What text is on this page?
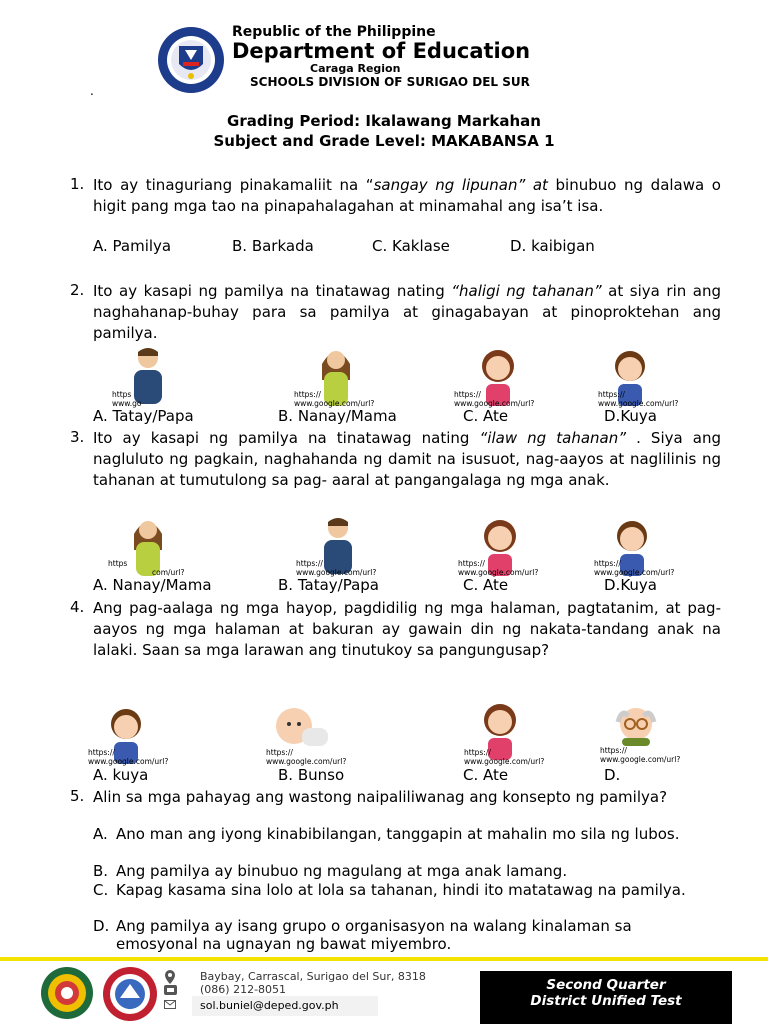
Republic of the Philippine
Department of Education
Caraga Region
SCHOOLS DIVISION OF SURIGAO DEL SUR
.
Grading Period: Ikalawang Markahan
Subject and Grade Level: MAKABANSA 1
1. Ito ay tinaguriang pinakamaliit na “sangay ng lipunan” at binubuo ng dalawa o higit pang mga tao na pinapahalagahan at minamahal ang isa’t isa.
A. Pamilya	B. Barkada	C. Kaklase	D. kaibigan
2. Ito ay kasapi ng pamilya na tinatawag nating “haligi ng tahanan” at siya rin ang naghahanap-buhay para sa pamilya at ginagabayan at pinoproktehan ang pamilya.
https
www.go
https://
www.google.com/url?
https://
www.google.com/url?
https://
www.google.com/url?
A. Tatay/Papa	B. Nanay/Mama	C. Ate	D.Kuya
3. Ito ay kasapi ng pamilya na tinatawag nating “ilaw ng tahanan” . Siya ang nagluluto ng pagkain, naghahanda ng damit na isusuot, nag-aayos at naglilinis ng tahanan at tumutulong sa pag- aaral at pangangalaga ng mga anak.
https
com/url?
https://
www.google.com/url?
https://
www.google.com/url?
https://
www.google.com/url?
A. Nanay/Mama	B. Tatay/Papa	C. Ate	D.Kuya
4. Ang pag-aalaga ng mga hayop, pagdidilig ng mga halaman, pagtatanim, at pag-aayos ng mga halaman at bakuran ay gawain din ng nakata-tandang anak na lalaki. Saan sa mga larawan ang tinutukoy sa pangungusap?
https://
www.google.com/url?
https://
www.google.com/url?
https://
www.google.com/url?
https://
www.google.com/url?
A. kuya	B. Bunso	C. Ate	D.
5. Alin sa mga pahayag ang wastong naipaliliwanag ang konsepto ng pamilya?
A. Ano man ang iyong kinabibilangan, tanggapin at mahalin mo sila ng lubos.
B. Ang pamilya ay binubuo ng magulang at mga anak lamang.
C. Kapag kasama sina lolo at lola sa tahanan, hindi ito matatawag na pamilya.
D. Ang pamilya ay isang grupo o organisasyon na walang kinalaman sa emosyonal na ugnayan ng bawat miyembro.
Baybay, Carrascal, Surigao del Sur, 8318
(086) 212-8051
sol.buniel@deped.gov.ph
Second Quarter
District Unified Test
